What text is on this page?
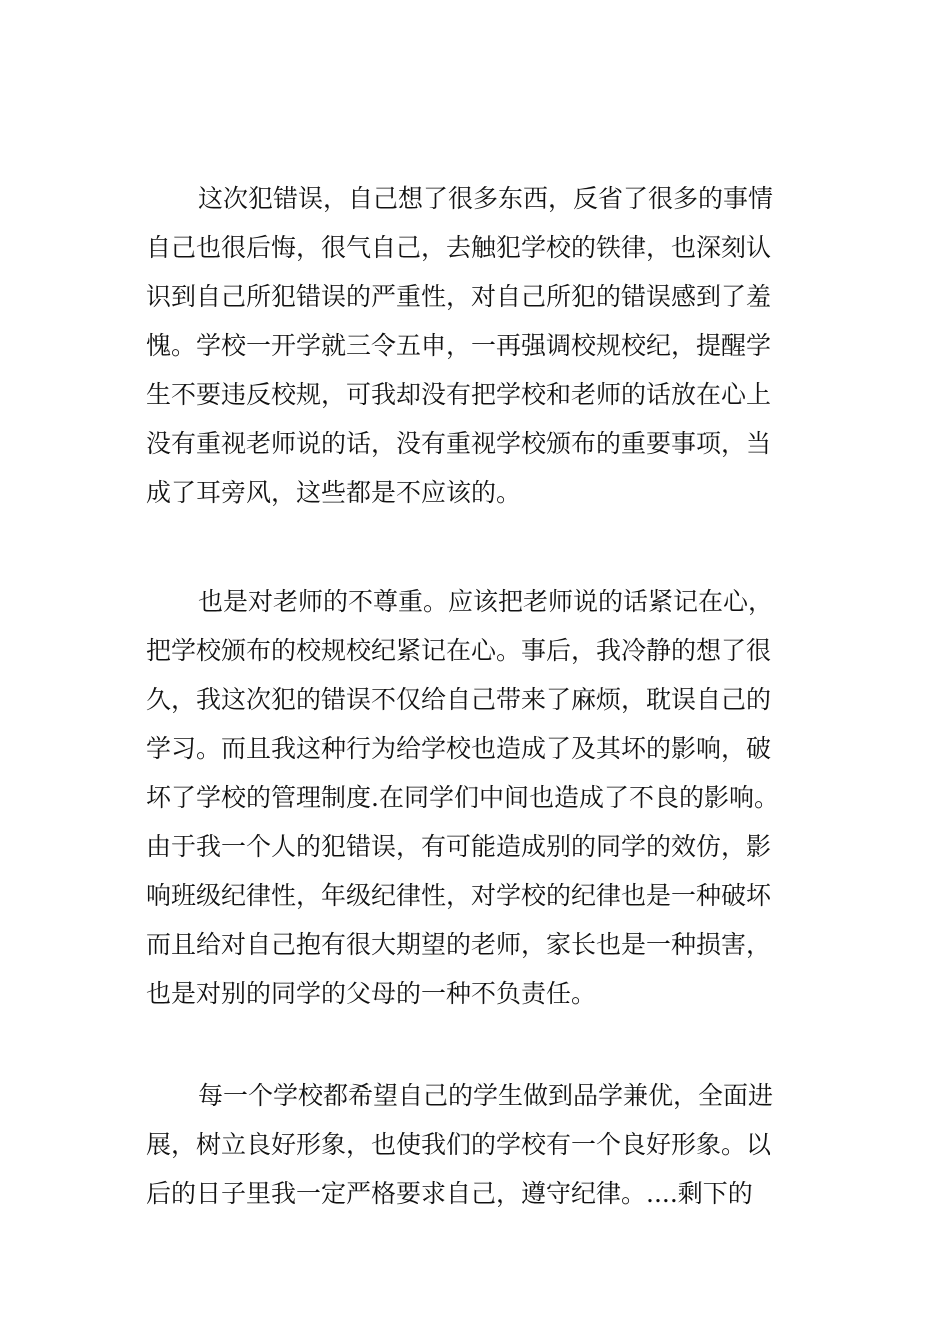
这次犯错误，自己想了很多东西，反省了很多的事情
自己也很后悔，很气自己，去触犯学校的铁律，也深刻认
识到自己所犯错误的严重性，对自己所犯的错误感到了羞
愧。学校一开学就三令五申，一再强调校规校纪，提醒学
生不要违反校规，可我却没有把学校和老师的话放在心上
没有重视老师说的话，没有重视学校颁布的重要事项，当
成了耳旁风，这些都是不应该的。
也是对老师的不尊重。应该把老师说的话紧记在心，
把学校颁布的校规校纪紧记在心。事后，我冷静的想了很
久，我这次犯的错误不仅给自己带来了麻烦，耽误自己的
学习。而且我这种行为给学校也造成了及其坏的影响，破
坏了学校的管理制度.在同学们中间也造成了不良的影响。
由于我一个人的犯错误，有可能造成别的同学的效仿，影
响班级纪律性，年级纪律性，对学校的纪律也是一种破坏
而且给对自己抱有很大期望的老师，家长也是一种损害，
也是对别的同学的父母的一种不负责任。
每一个学校都希望自己的学生做到品学兼优，全面进
展，树立良好形象，也使我们的学校有一个良好形象。以
后的日子里我一定严格要求自己，遵守纪律。....剩下的
